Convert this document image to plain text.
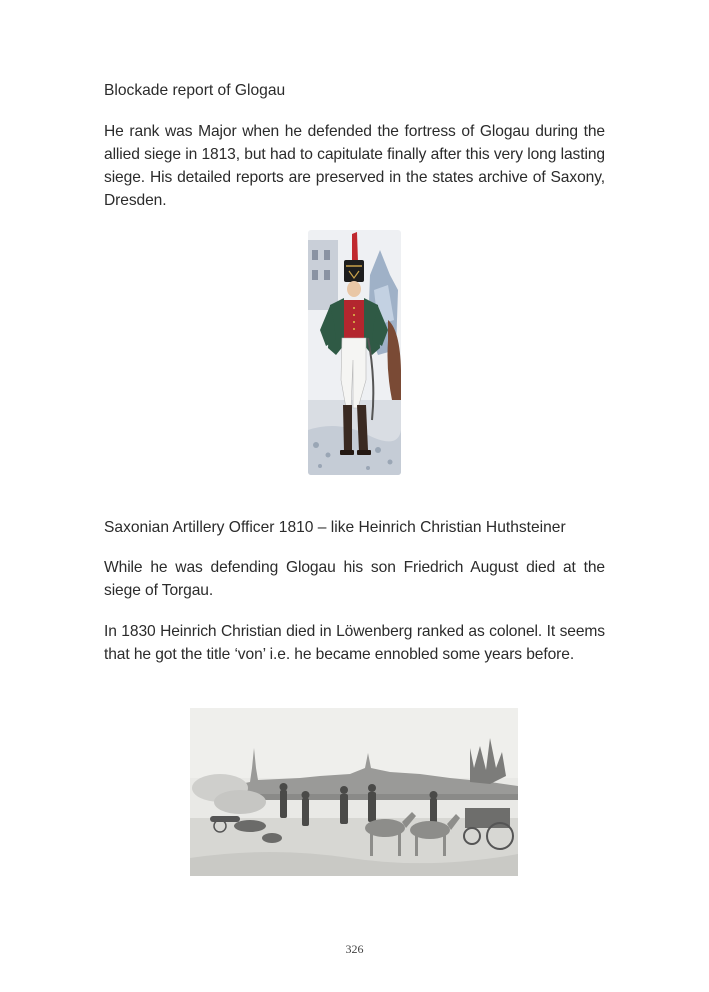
Blockade report of Glogau

He rank was Major when he defended the fortress of Glogau during the allied siege in 1813, but had to capitulate finally after this very long lasting siege. His detailed reports are preserved in the states archive of Saxony, Dresden.

Saxonian Artillery Officer 1810 – like Heinrich Christian Huthsteiner

While he was defending Glogau his son Friedrich August died at the siege of Torgau.

In 1830 Heinrich Christian died in Löwenberg ranked as colonel. It seems that he got the title ‘von’ i.e. he became ennobled some years before.

326
